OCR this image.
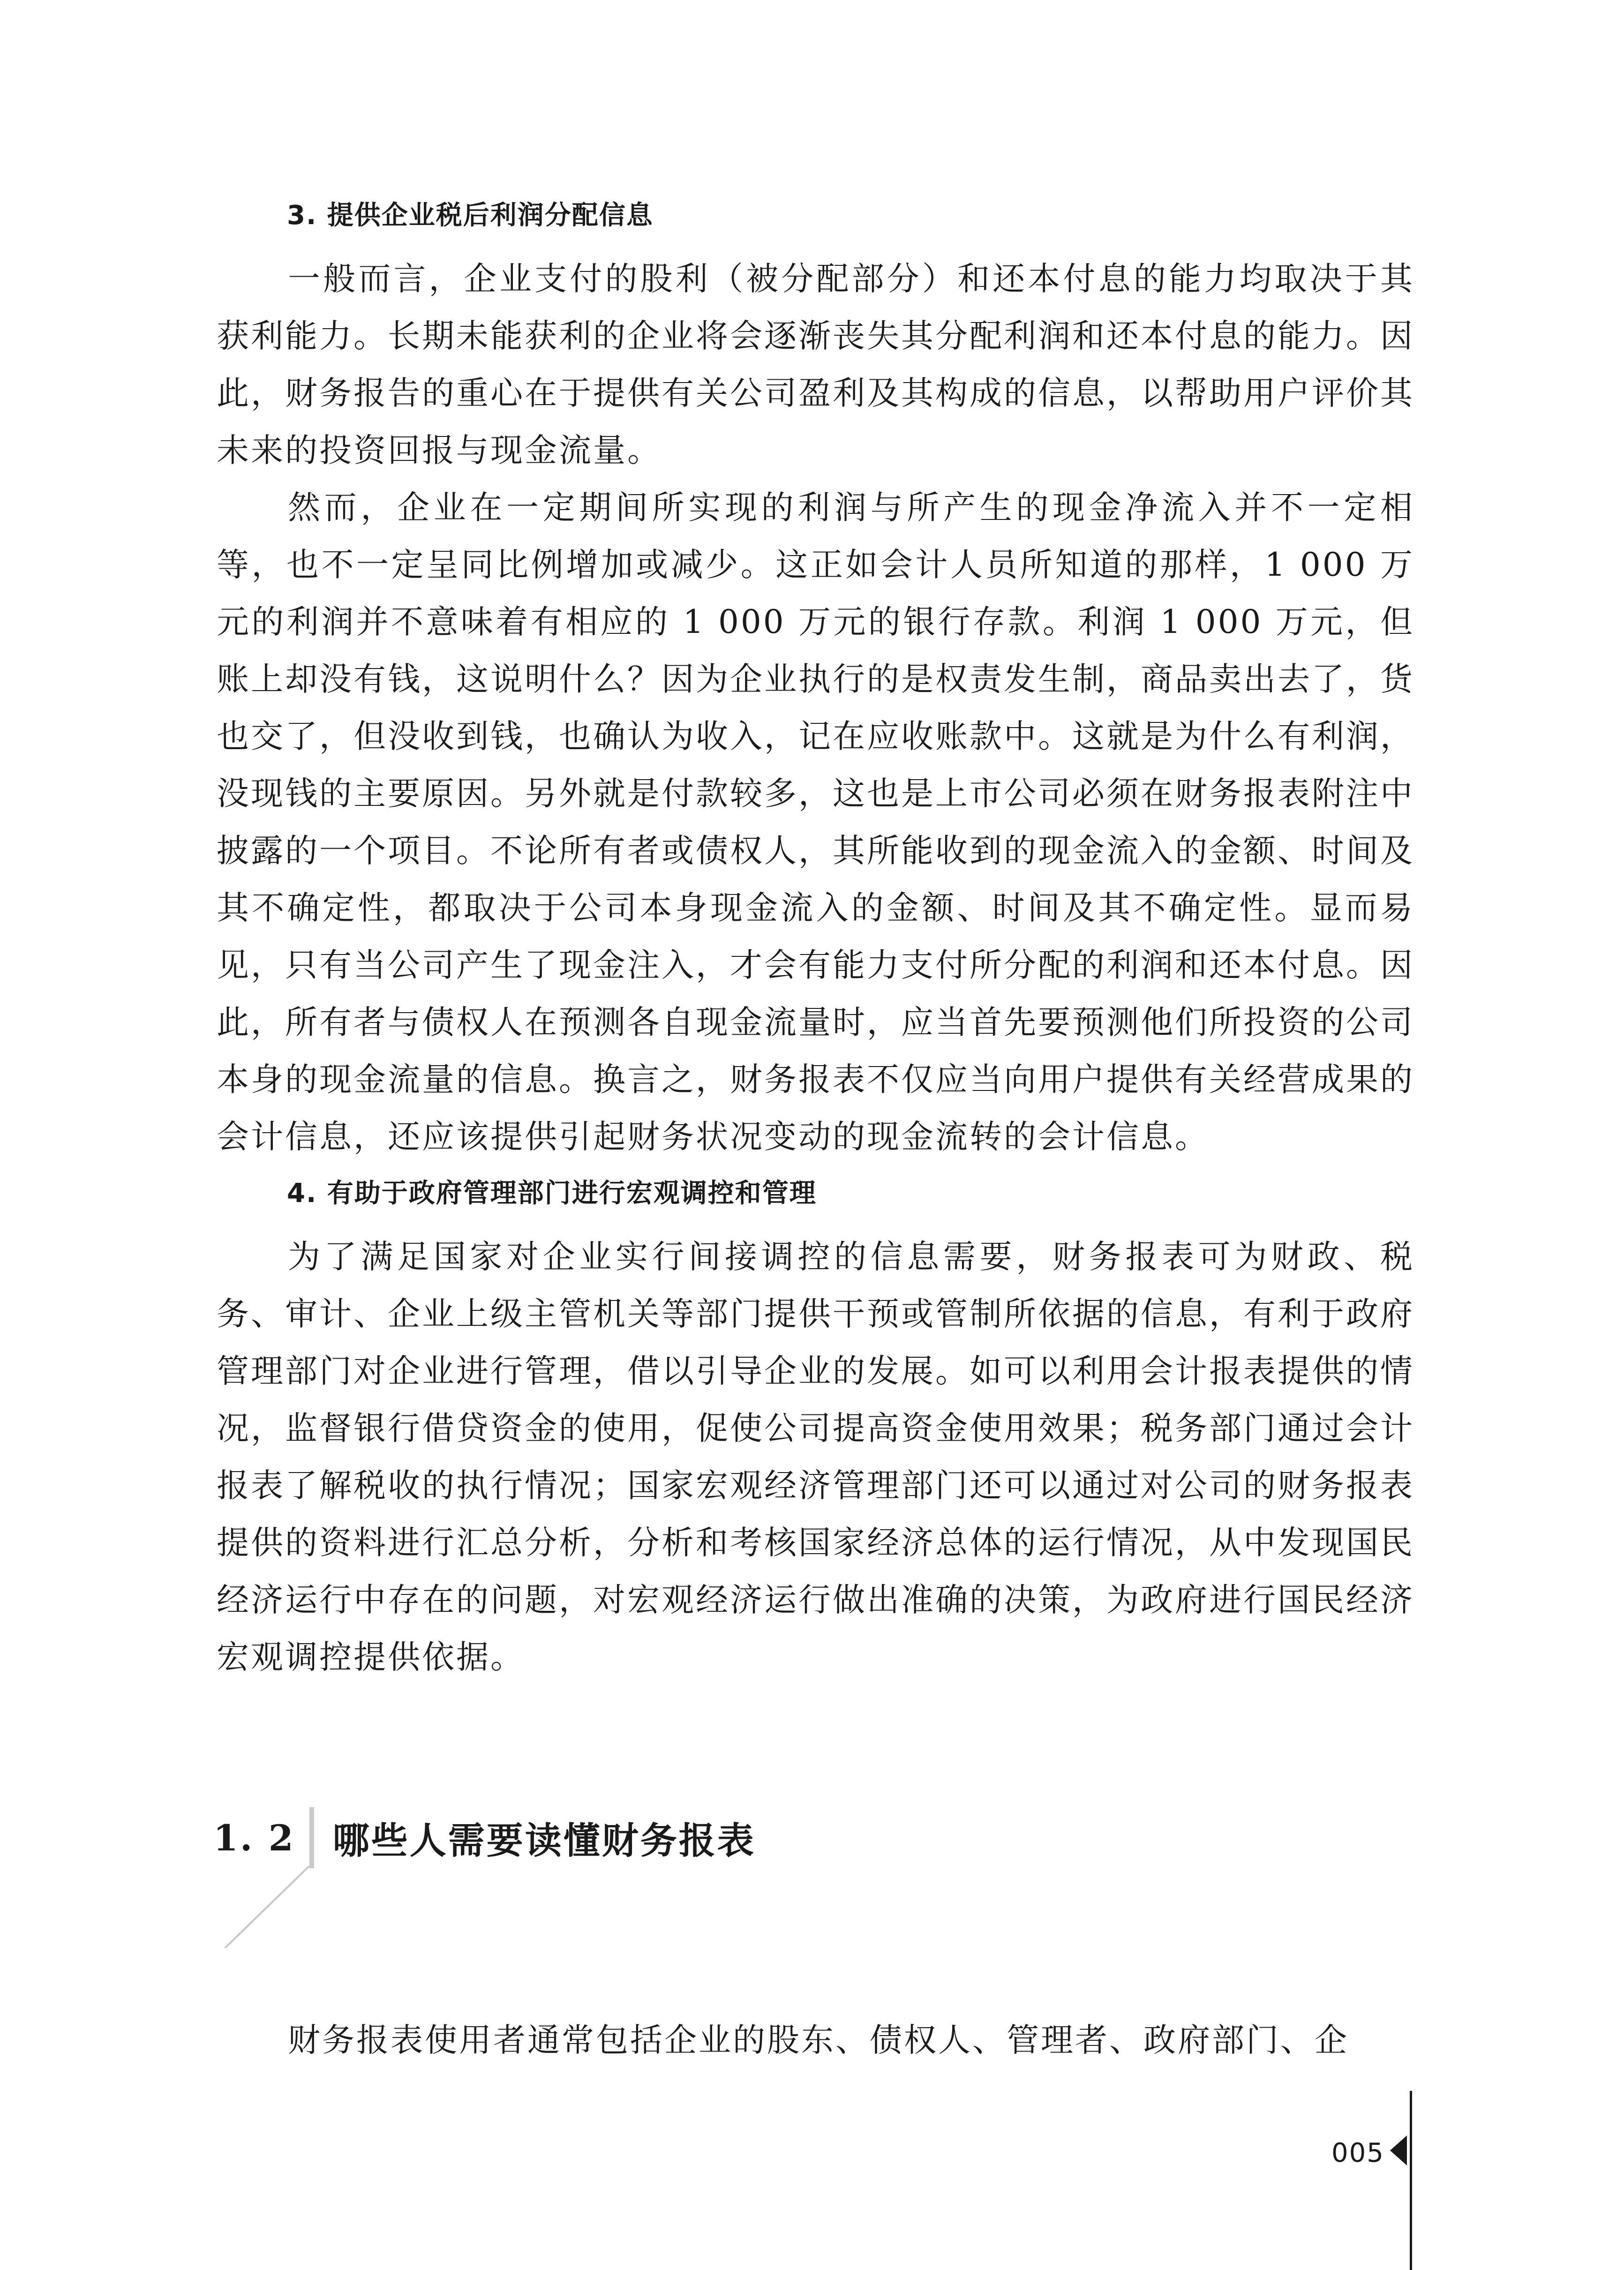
3. 提供企业税后利润分配信息

一般而言，企业支付的股利（被分配部分）和还本付息的能力均取决于其获利能力。长期未能获利的企业将会逐渐丧失其分配利润和还本付息的能力。因此，财务报告的重心在于提供有关公司盈利及其构成的信息，以帮助用户评价其未来的投资回报与现金流量。

然而，企业在一定期间所实现的利润与所产生的现金净流入并不一定相等，也不一定呈同比例增加或减少。这正如会计人员所知道的那样，1 000 万元的利润并不意味着有相应的 1 000 万元的银行存款。利润 1 000 万元，但账上却没有钱，这说明什么？因为企业执行的是权责发生制，商品卖出去了，货也交了，但没收到钱，也确认为收入，记在应收账款中。这就是为什么有利润，没现钱的主要原因。另外就是付款较多，这也是上市公司必须在财务报表附注中披露的一个项目。不论所有者或债权人，其所能收到的现金流入的金额、时间及其不确定性，都取决于公司本身现金流入的金额、时间及其不确定性。显而易见，只有当公司产生了现金注入，才会有能力支付所分配的利润和还本付息。因此，所有者与债权人在预测各自现金流量时，应当首先要预测他们所投资的公司本身的现金流量的信息。换言之，财务报表不仅应当向用户提供有关经营成果的会计信息，还应该提供引起财务状况变动的现金流转的会计信息。

4. 有助于政府管理部门进行宏观调控和管理

为了满足国家对企业实行间接调控的信息需要，财务报表可为财政、税务、审计、企业上级主管机关等部门提供干预或管制所依据的信息，有利于政府管理部门对企业进行管理，借以引导企业的发展。如可以利用会计报表提供的情况，监督银行借贷资金的使用，促使公司提高资金使用效果；税务部门通过会计报表了解税收的执行情况；国家宏观经济管理部门还可以通过对公司的财务报表提供的资料进行汇总分析，分析和考核国家经济总体的运行情况，从中发现国民经济运行中存在的问题，对宏观经济运行做出准确的决策，为政府进行国民经济宏观调控提供依据。

1. 2 哪些人需要读懂财务报表

财务报表使用者通常包括企业的股东、债权人、管理者、政府部门、企

005
